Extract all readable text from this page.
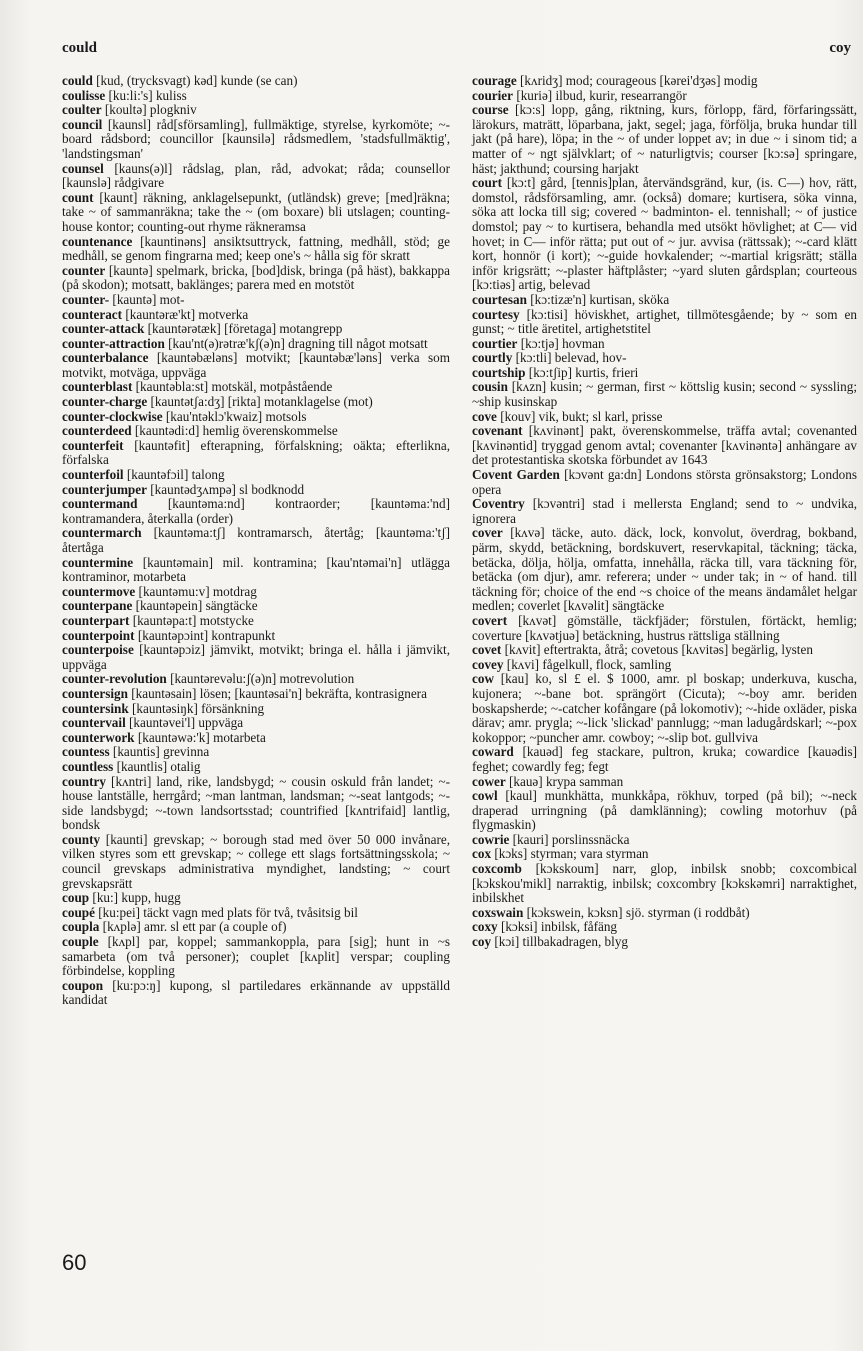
could	coy

could [kud, (trycksvagt) kəd] kunde (se can)

coulisse [ku:li:'s] kuliss

coulter [koultə] plogkniv

council [kaunsl] råd[sförsamling], fullmäktige, styrelse, kyrkomöte; ~-board rådsbord; councillor [kaunsilə] rådsmedlem, 'stadsfullmäktig', 'landstingsman'

counsel [kauns(ə)l] rådslag, plan, råd, advokat; råda; counsellor [kaunslə] rådgivare

count [kaunt] räkning, anklagelsepunkt, (utländsk) greve; [med]räkna; take ~ of sammanräkna; take the ~ (om boxare) bli utslagen; counting-house kontor; counting-out rhyme räkneramsa

countenance [kauntinəns] ansiktsuttryck, fattning, medhåll, stöd; ge medhåll, se genom fingrarna med; keep one's ~ hålla sig för skratt

counter [kauntə] spelmark, bricka, [bod]disk, bringa (på häst), bakkappa (på skodon); motsatt, baklänges; parera med en motstöt

counter- [kauntə] mot-

counteract [kauntəræ'kt] motverka

counter-attack [kauntərətæk] [företaga] motangrepp

counter-attraction [kau'nt(ə)rətræ'kʃ(ə)n] dragning till något motsatt

counterbalance [kauntəbæləns] motvikt; [kauntəbæ'ləns] verka som motvikt, motväga, uppväga

counterblast [kauntəbla:st] motskäl, motpåstående

counter-charge [kauntətʃa:dʒ] [rikta] motanklagelse (mot)

counter-clockwise [kau'ntəklɔ'kwaiz] motsols

counterdeed [kauntədi:d] hemlig överenskommelse

counterfeit [kauntəfit] efterapning, förfalskning; oäkta; efterlikna, förfalska

counterfoil [kauntəfɔil] talong

counterjumper [kauntədʒʌmpə] sl bodknodd

countermand [kauntəma:nd] kontraorder; [kauntəma:'nd] kontramandera, återkalla (order)

countermarch [kauntəma:tʃ] kontramarsch, återtåg; [kauntəma:'tʃ] återtåga

countermine [kauntəmain] mil. kontramina; [kau'ntəmai'n] utlägga kontraminor, motarbeta

countermove [kauntəmu:v] motdrag

counterpane [kauntəpein] sängtäcke

counterpart [kauntəpa:t] motstycke

counterpoint [kauntəpɔint] kontrapunkt

counterpoise [kauntəpɔiz] jämvikt, motvikt; bringa el. hålla i jämvikt, uppväga

counter-revolution [kauntərevəlu:ʃ(ə)n] motrevolution

countersign [kauntəsain] lösen; [kauntəsai'n] bekräfta, kontrasignera

countersink [kauntəsiŋk] försänkning

countervail [kauntəvei'l] uppväga

counterwork [kauntəwə:'k] motarbeta

countess [kauntis] grevinna

countless [kauntlis] otalig

country [kʌntri] land, rike, landsbygd; ~ cousin oskuld från landet; ~-house lantställe, herrgård; ~man lantman, landsman; ~-seat lantgods; ~-side landsbygd; ~-town landsortsstad; countrified [kʌntrifaid] lantlig, bondsk

county [kaunti] grevskap; ~ borough stad med över 50 000 invånare, vilken styres som ett grevskap; ~ college ett slags fortsättningsskola; ~ council grevskaps administrativa myndighet, landsting; ~ court grevskapsrätt

coup [ku:] kupp, hugg

coupé [ku:pei] täckt vagn med plats för två, tvåsitsig bil

coupla [kʌplə] amr. sl ett par (a couple of)

couple [kʌpl] par, koppel; sammankoppla, para [sig]; hunt in ~s samarbeta (om två personer); couplet [kʌplit] verspar; coupling förbindelse, koppling

coupon [ku:pɔ:ŋ] kupong, sl partiledares erkännande av uppställd kandidat

courage [kʌridʒ] mod; courageous [kərei'dʒəs] modig

courier [kuriə] ilbud, kurir, researrangör

course [kɔ:s] lopp, gång, riktning, kurs, förlopp, färd, förfaringssätt, lärokurs, maträtt, löparbana, jakt, segel; jaga, förfölja, bruka hundar till jakt (på hare), löpa; in the ~ of under loppet av; in due ~ i sinom tid; a matter of ~ ngt självklart; of ~ naturligtvis; courser [kɔ:sə] springare, häst; jakthund; coursing harjakt

court [kɔ:t] gård, [tennis]plan, återvändsgränd, kur, (is. C—) hov, rätt, domstol, rådsförsamling, amr. (också) domare; kurtisera, söka vinna, söka att locka till sig; covered ~ badminton- el. tennishall; ~ of justice domstol; pay ~ to kurtisera, behandla med utsökt hövlighet; at C— vid hovet; in C— inför rätta; put out of ~ jur. avvisa (rättssak); ~-card klätt kort, honnör (i kort); ~-guide hovkalender; ~-martial krigsrätt; ställa inför krigsrätt; ~-plaster häftplåster; ~yard sluten gårdsplan; courteous [kɔ:tiəs] artig, belevad

courtesan [kɔ:tizæ'n] kurtisan, sköka

courtesy [kɔ:tisi] höviskhet, artighet, tillmötesgående; by ~ som en gunst; ~ title äretitel, artighetstitel

courtier [kɔ:tjə] hovman

courtly [kɔ:tli] belevad, hov-

courtship [kɔ:tʃip] kurtis, frieri

cousin [kʌzn] kusin; ~ german, first ~ köttslig kusin; second ~ syssling; ~ship kusinskap

cove [kouv] vik, bukt; sl karl, prisse

covenant [kʌvinənt] pakt, överenskommelse, träffa avtal; covenanted [kʌvinəntid] tryggad genom avtal; covenanter [kʌvinəntə] anhängare av det protestantiska skotska förbundet av 1643

Covent Garden [kɔvənt ga:dn] Londons största grönsakstorg; Londons opera

Coventry [kɔvəntri] stad i mellersta England; send to ~ undvika, ignorera

cover [kʌvə] täcke, auto. däck, lock, konvolut, överdrag, bokband, pärm, skydd, betäckning, bordskuvert, reservkapital, täckning; täcka, betäcka, dölja, hölja, omfatta, innehålla, räcka till, vara täckning för, betäcka (om djur), amr. referera; under ~ under tak; in ~ of hand. till täckning för; choice of the end ~s choice of the means ändamålet helgar medlen; coverlet [kʌvəlit] sängtäcke

covert [kʌvət] gömställe, täckfjäder; förstulen, förtäckt, hemlig; coverture [kʌvətjuə] betäckning, hustrus rättsliga ställning

covet [kʌvit] eftertrakta, åtrå; covetous [kʌvitəs] begärlig, lysten

covey [kʌvi] fågelkull, flock, samling

cow [kau] ko, sl £ el. $ 1000, amr. pl boskap; underkuva, kuscha, kujonera; ~-bane bot. sprängört (Cicuta); ~-boy amr. beriden boskapsherde; ~-catcher kofångare (på lokomotiv); ~-hide oxläder, piska därav; amr. prygla; ~-lick 'slickad' pannlugg; ~man ladugårdskarl; ~-pox kokoppor; ~puncher amr. cowboy; ~-slip bot. gullviva

coward [kauəd] feg stackare, pultron, kruka; cowardice [kauədis] feghet; cowardly feg; fegt

cower [kauə] krypa samman

cowl [kaul] munkhätta, munkkåpa, rökhuv, torped (på bil); ~-neck draperad urringning (på damklänning); cowling motorhuv (på flygmaskin)

cowrie [kauri] porslinssnäcka

cox [kɔks] styrman; vara styrman

coxcomb [kɔkskoum] narr, glop, inbilsk snobb; coxcombical [kɔkskou'mikl] narraktig, inbilsk; coxcombry [kɔkskəmri] narraktighet, inbilskhet

coxswain [kɔkswein, kɔksn] sjö. styrman (i roddbåt)

coxy [kɔksi] inbilsk, fåfäng

coy [kɔi] tillbakadragen, blyg

60
